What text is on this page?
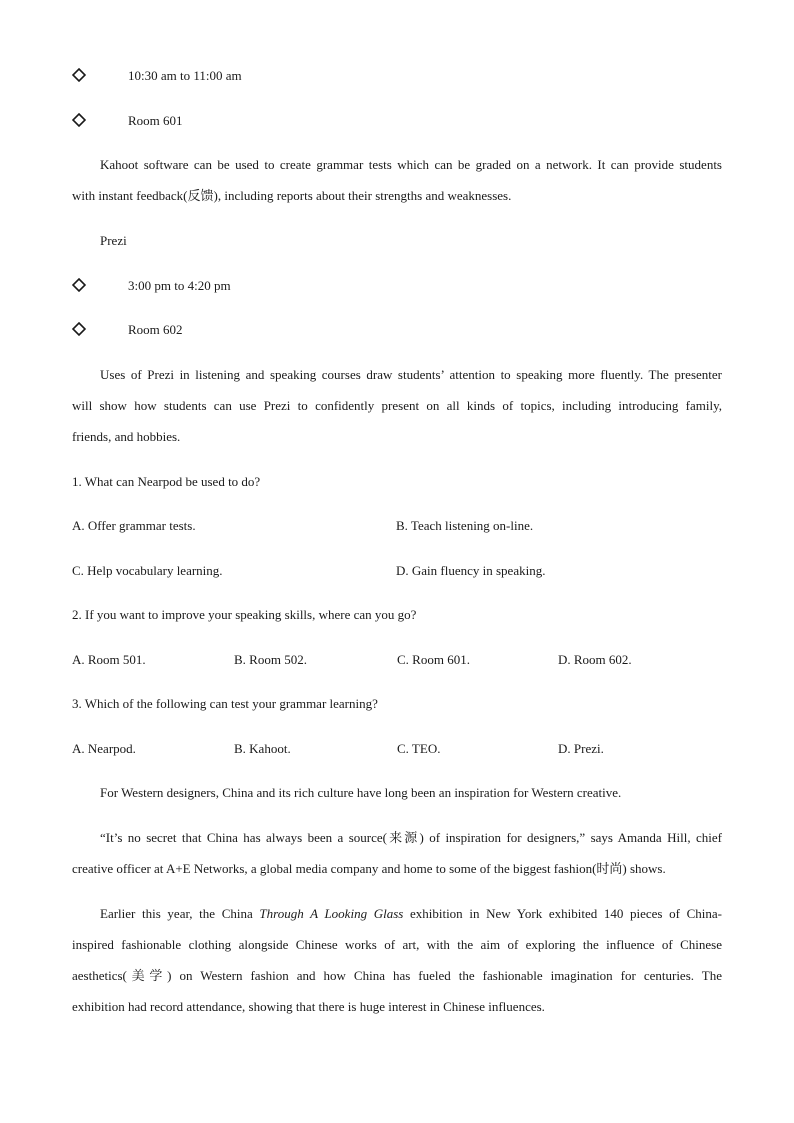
10:30 am to 11:00 am
Room 601
Kahoot software can be used to create grammar tests which can be graded on a network. It can provide students
with instant feedback(反馈), including reports about their strengths and weaknesses.
Prezi
3:00 pm to 4:20 pm
Room 602
Uses of Prezi in listening and speaking courses draw students’ attention to speaking more fluently. The presenter
will show how students can use Prezi to confidently present on all kinds of topics, including introducing family,
friends, and hobbies.
1. What can Nearpod be used to do?
A. Offer grammar tests.	B. Teach listening on-line.
C. Help vocabulary learning.	D. Gain fluency in speaking.
2. If you want to improve your speaking skills, where can you go?
A. Room 501.	B. Room 502.	C. Room 601.	D. Room 602.
3. Which of the following can test your grammar learning?
A. Nearpod.	B. Kahoot.	C. TEO.	D. Prezi.
For Western designers, China and its rich culture have long been an inspiration for Western creative.
“It’s no secret that China has always been a source(来源) of inspiration for designers,” says Amanda Hill, chief
creative officer at A+E Networks, a global media company and home to some of the biggest fashion(时尚) shows.
Earlier this year, the China Through A Looking Glass exhibition in New York exhibited 140 pieces of China-
inspired fashionable clothing alongside Chinese works of art, with the aim of exploring the influence of Chinese
aesthetics(美学) on Western fashion and how China has fueled the fashionable imagination for centuries. The
exhibition had record attendance, showing that there is huge interest in Chinese influences.
